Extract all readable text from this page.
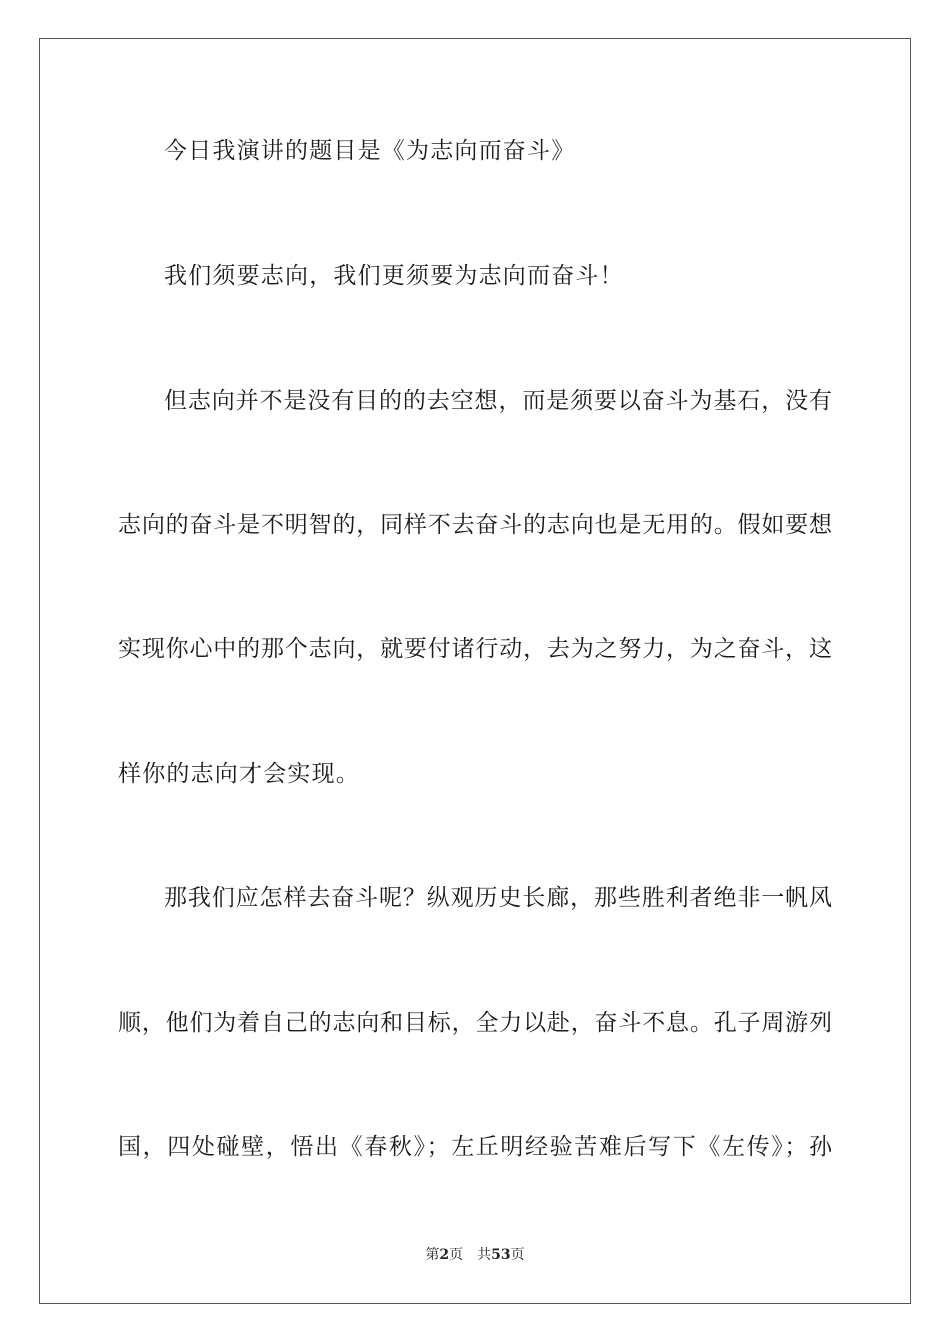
今日我演讲的题目是《为志向而奋斗》
我们须要志向，我们更须要为志向而奋斗！
但志向并不是没有目的的去空想，而是须要以奋斗为基石，没有
志向的奋斗是不明智的，同样不去奋斗的志向也是无用的。假如要想
实现你心中的那个志向，就要付诸行动，去为之努力，为之奋斗，这
样你的志向才会实现。
那我们应怎样去奋斗呢？纵观历史长廊，那些胜利者绝非一帆风
顺，他们为着自己的志向和目标，全力以赴，奋斗不息。孔子周游列
国，四处碰壁，悟出《春秋》；左丘明经验苦难后写下《左传》；孙
第2页 共53页
